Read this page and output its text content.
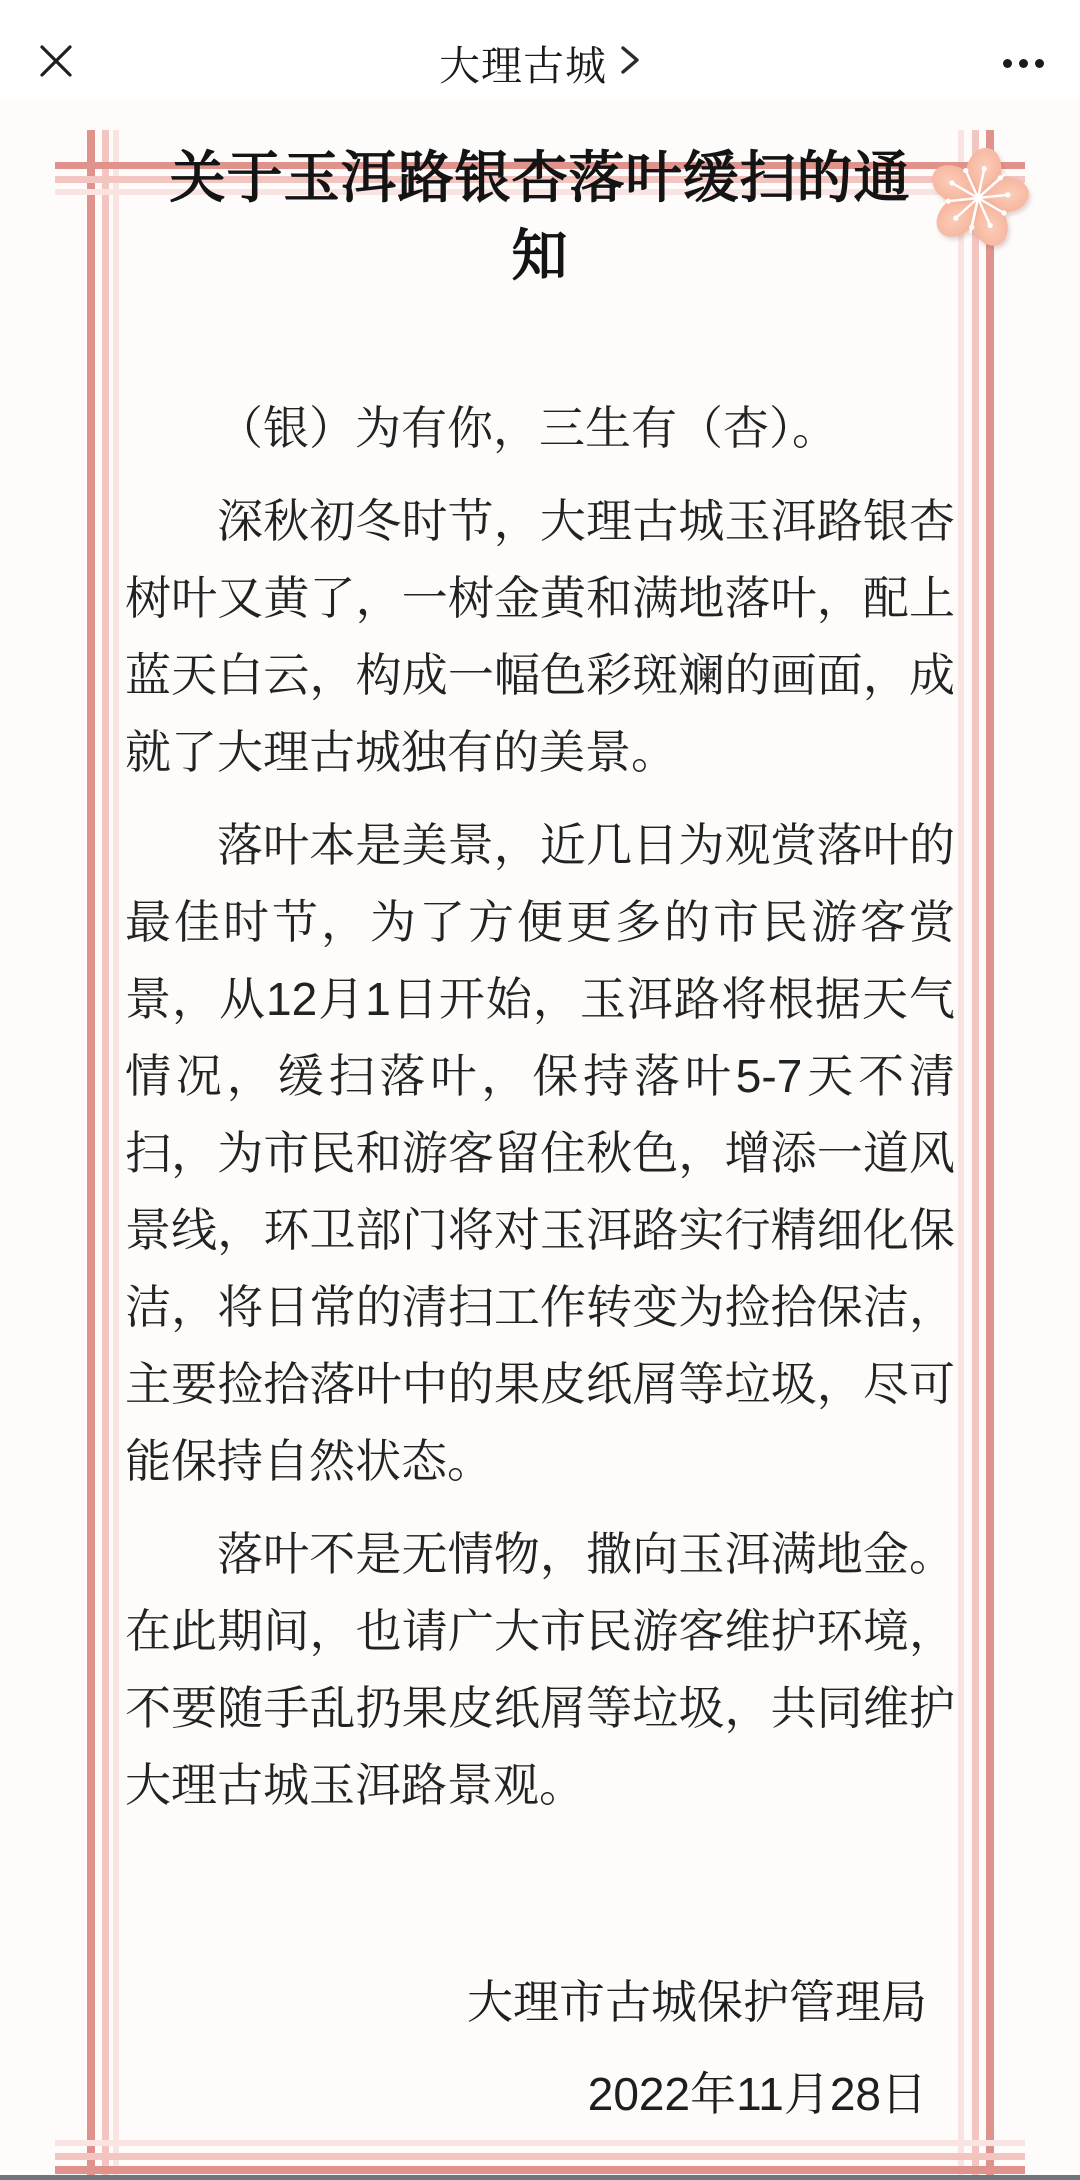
大理古城
关于玉洱路银杏落叶缓扫的通
知

（银）为有你，三生有（杏）。

深秋初冬时节，大理古城玉洱路银杏树叶又黄了，一树金黄和满地落叶，配上蓝天白云，构成一幅色彩斑斓的画面，成就了大理古城独有的美景。

落叶本是美景，近几日为观赏落叶的最佳时节，为了方便更多的市民游客赏景，从12月1日开始，玉洱路将根据天气情况，缓扫落叶，保持落叶5-7天不清扫，为市民和游客留住秋色，增添一道风景线，环卫部门将对玉洱路实行精细化保洁，将日常的清扫工作转变为捡拾保洁，主要捡拾落叶中的果皮纸屑等垃圾，尽可能保持自然状态。

落叶不是无情物，撒向玉洱满地金。在此期间，也请广大市民游客维护环境，不要随手乱扔果皮纸屑等垃圾，共同维护大理古城玉洱路景观。

大理市古城保护管理局
2022年11月28日
